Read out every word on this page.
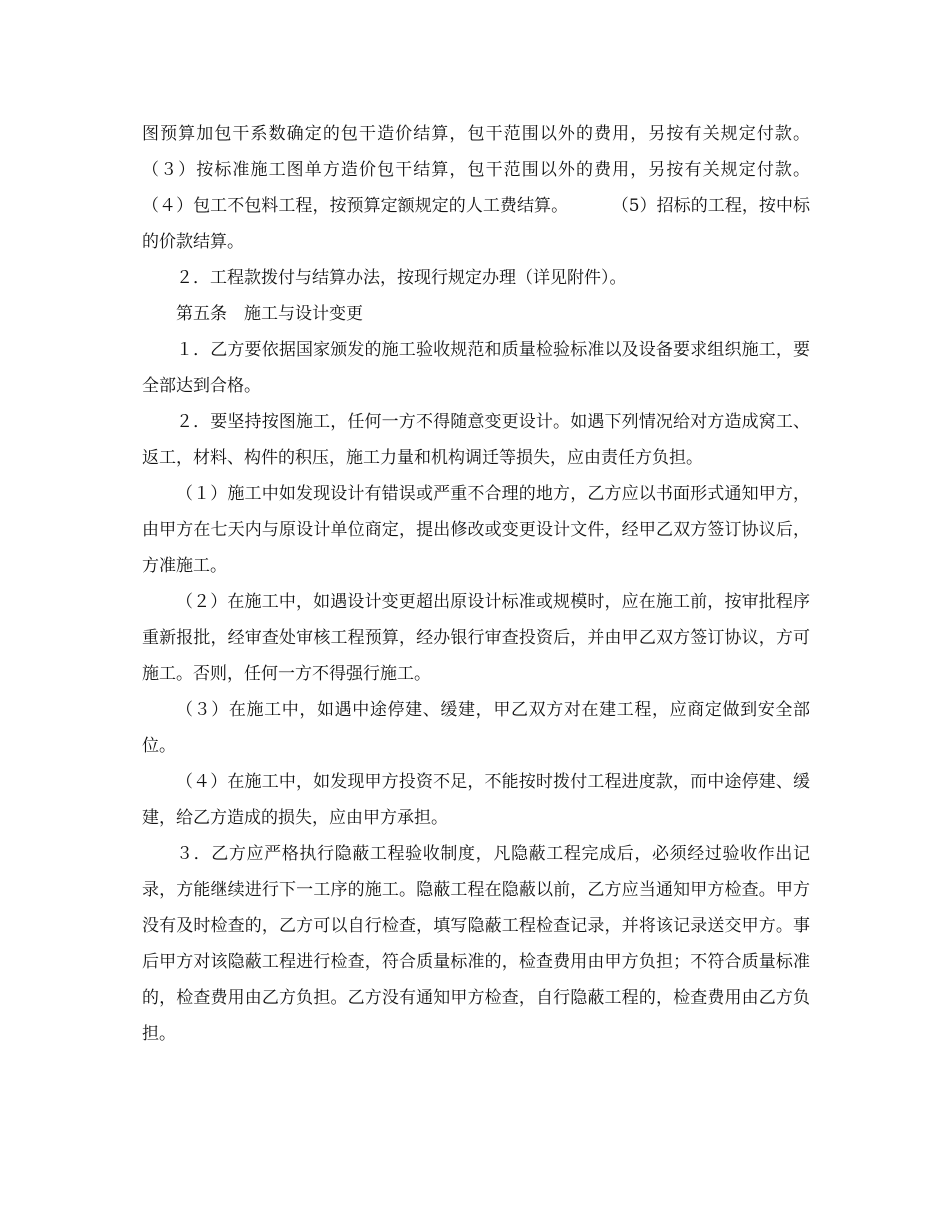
图预算加包干系数确定的包干造价结算，包干范围以外的费用，另按有关规定付款。        （３）按标准施工图单方造价包干结算，包干范围以外的费用，另按有关规定付款。        （４）包工不包料工程，按预算定额规定的人工费结算。        （5）招标的工程，按中标的价款结算。

２．工程款拨付与结算办法，按现行规定办理（详见附件）。

第五条　施工与设计变更

１．乙方要依据国家颁发的施工验收规范和质量检验标准以及设备要求组织施工，要全部达到合格。

２．要坚持按图施工，任何一方不得随意变更设计。如遇下列情况给对方造成窝工、返工，材料、构件的积压，施工力量和机构调迁等损失，应由责任方负担。

（１）施工中如发现设计有错误或严重不合理的地方，乙方应以书面形式通知甲方，由甲方在七天内与原设计单位商定，提出修改或变更设计文件，经甲乙双方签订协议后，方准施工。

（２）在施工中，如遇设计变更超出原设计标准或规模时，应在施工前，按审批程序重新报批，经审查处审核工程预算，经办银行审查投资后，并由甲乙双方签订协议，方可施工。否则，任何一方不得强行施工。

（３）在施工中，如遇中途停建、缓建，甲乙双方对在建工程，应商定做到安全部位。

（４）在施工中，如发现甲方投资不足，不能按时拨付工程进度款，而中途停建、缓建，给乙方造成的损失，应由甲方承担。

３．乙方应严格执行隐蔽工程验收制度，凡隐蔽工程完成后，必须经过验收作出记录，方能继续进行下一工序的施工。隐蔽工程在隐蔽以前，乙方应当通知甲方检查。甲方没有及时检查的，乙方可以自行检查，填写隐蔽工程检查记录，并将该记录送交甲方。事后甲方对该隐蔽工程进行检查，符合质量标准的，检查费用由甲方负担；不符合质量标准的，检查费用由乙方负担。乙方没有通知甲方检查，自行隐蔽工程的，检查费用由乙方负担。
